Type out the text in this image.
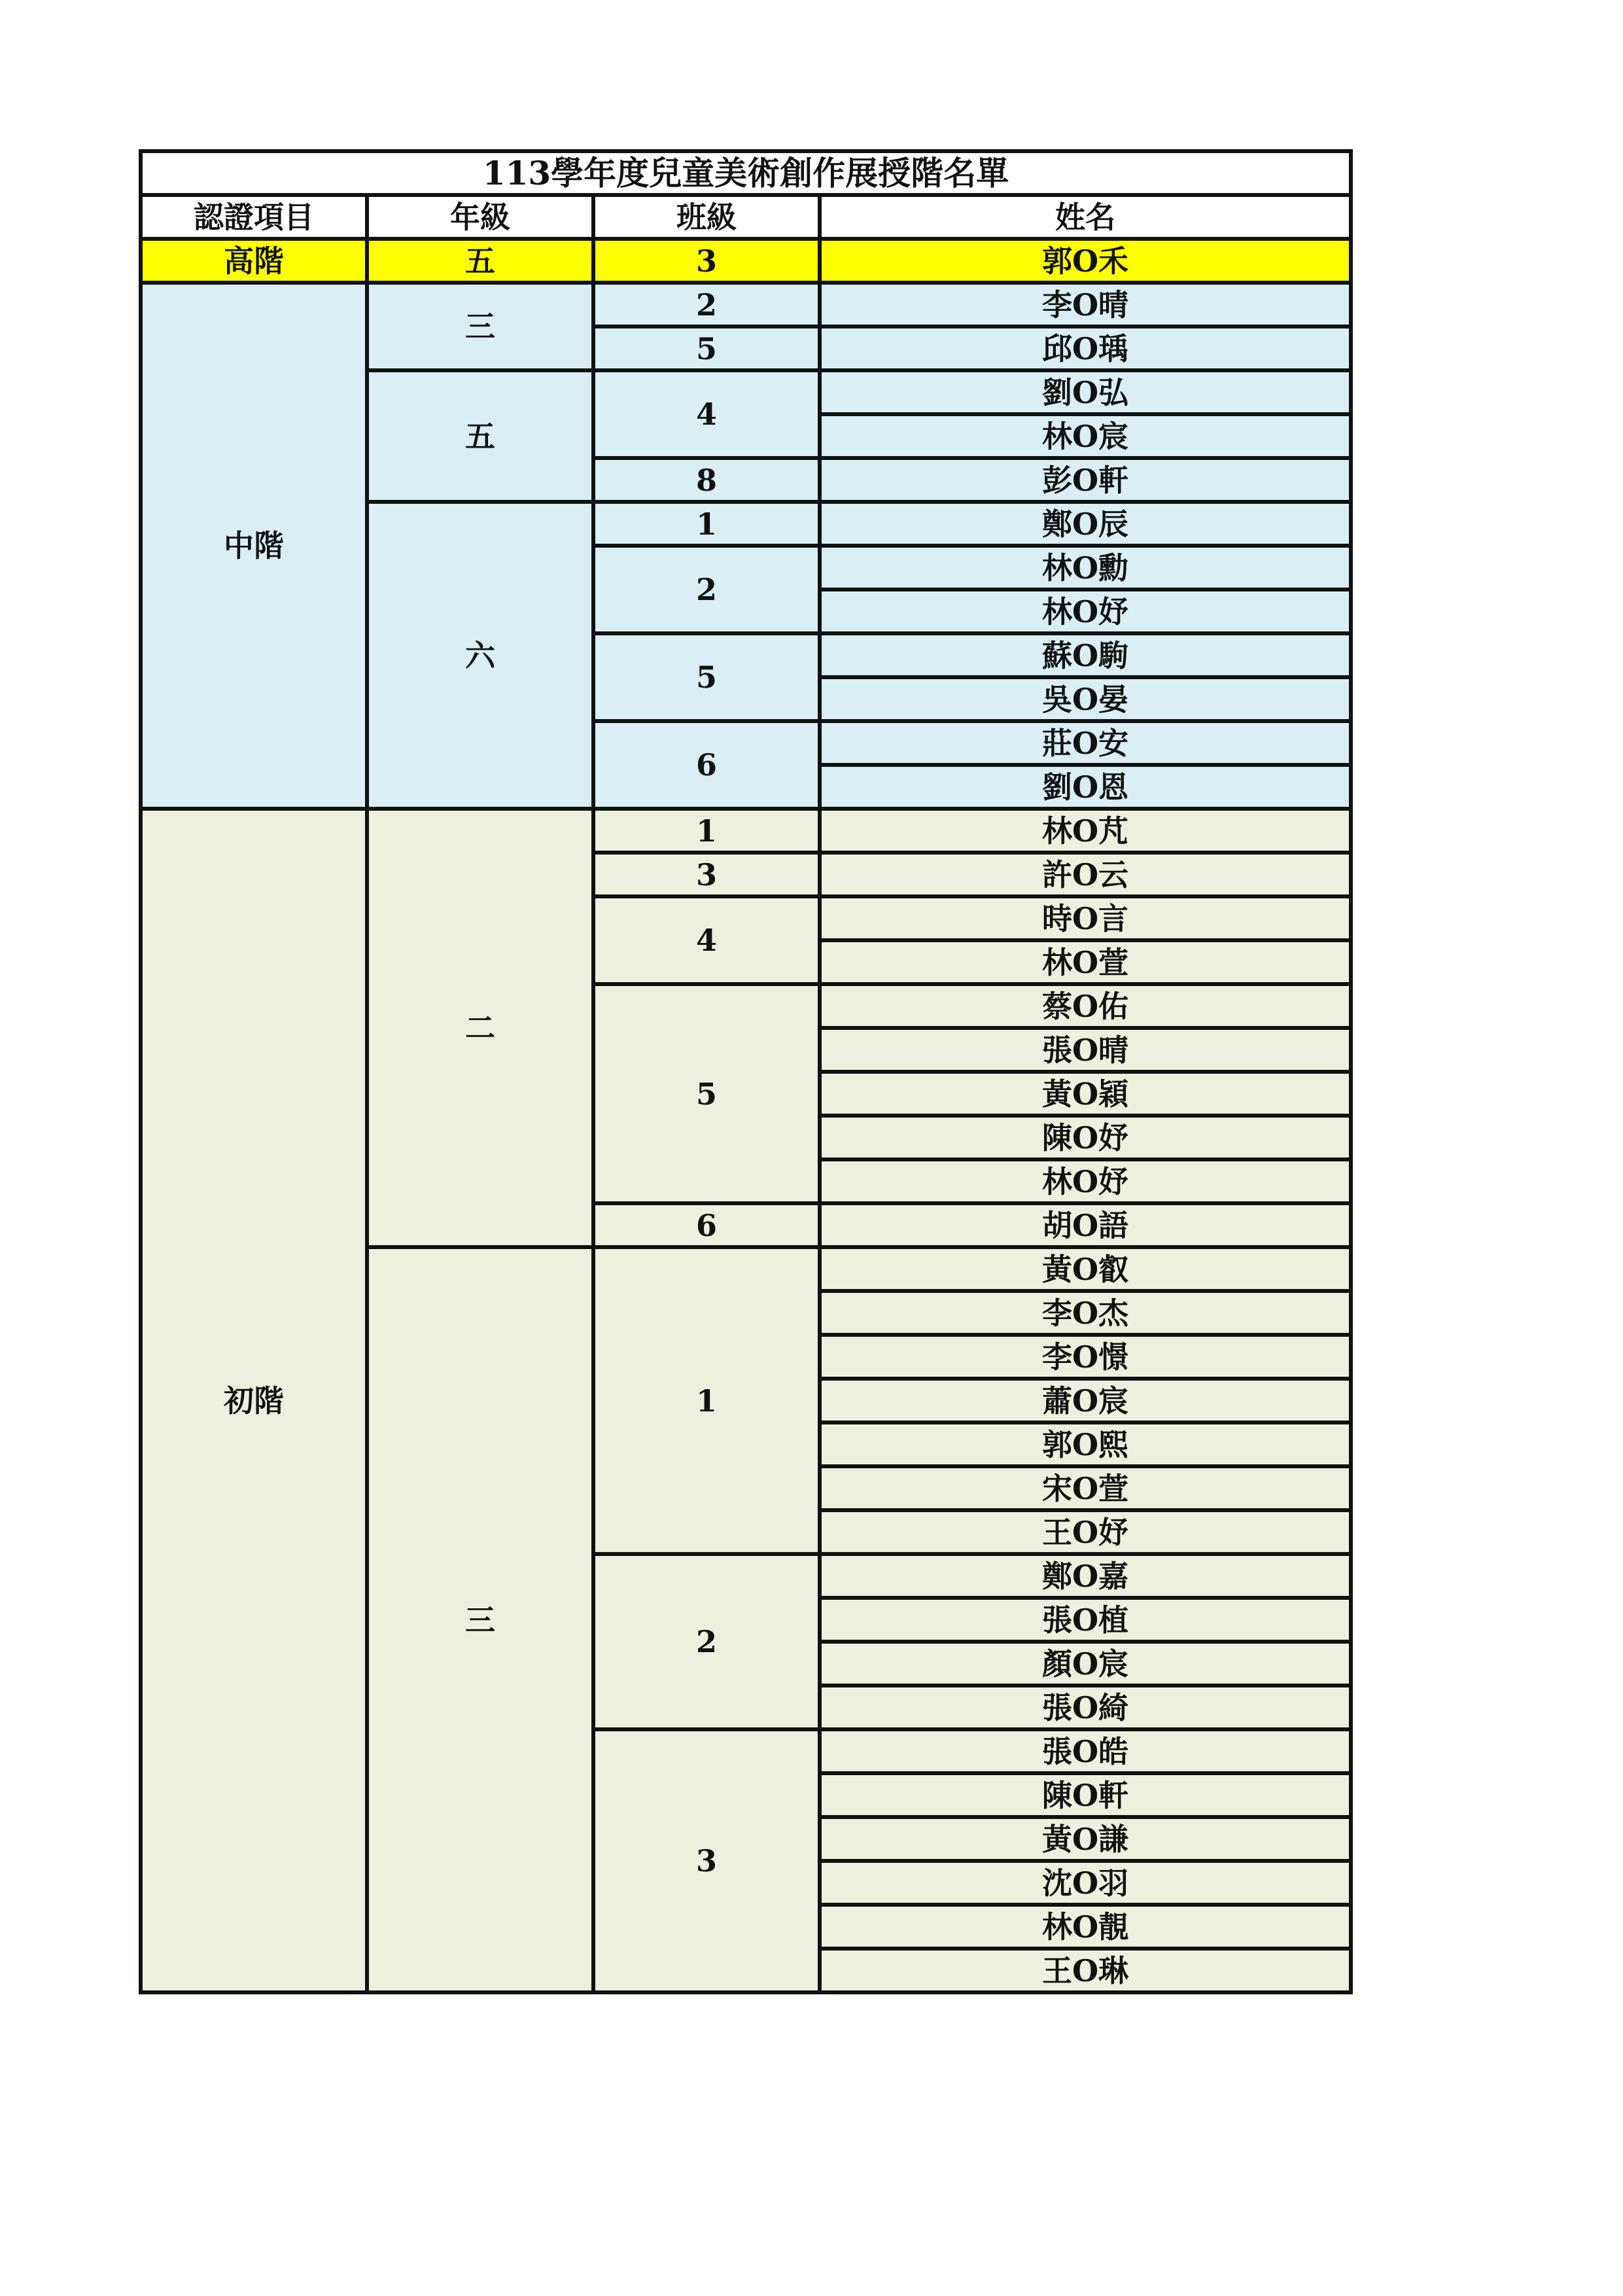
113學年度兒童美術創作展授階名單			
認證項目	年級	班級	姓名
高階	五	3	郭O禾
中階	三	2	李O晴
		5	邱O瑀
	五	4	劉O弘
			林O宸
		8	彭O軒
	六	1	鄭O辰
		2	林O勳
			林O妤
		5	蘇O駒
			吳O晏
		6	莊O安
			劉O恩
初階	二	1	林O芃
		3	許O云
		4	時O言
			林O萱
		5	蔡O佑
			張O晴
			黃O穎
			陳O妤
			林O妤
		6	胡O語
	三	1	黃O叡
			李O杰
			李O憬
			蕭O宸
			郭O熙
			宋O萱
			王O妤
		2	鄭O嘉
			張O植
			顏O宸
			張O綺
		3	張O皓
			陳O軒
			黃O謙
			沈O羽
			林O靚
			王O琳
